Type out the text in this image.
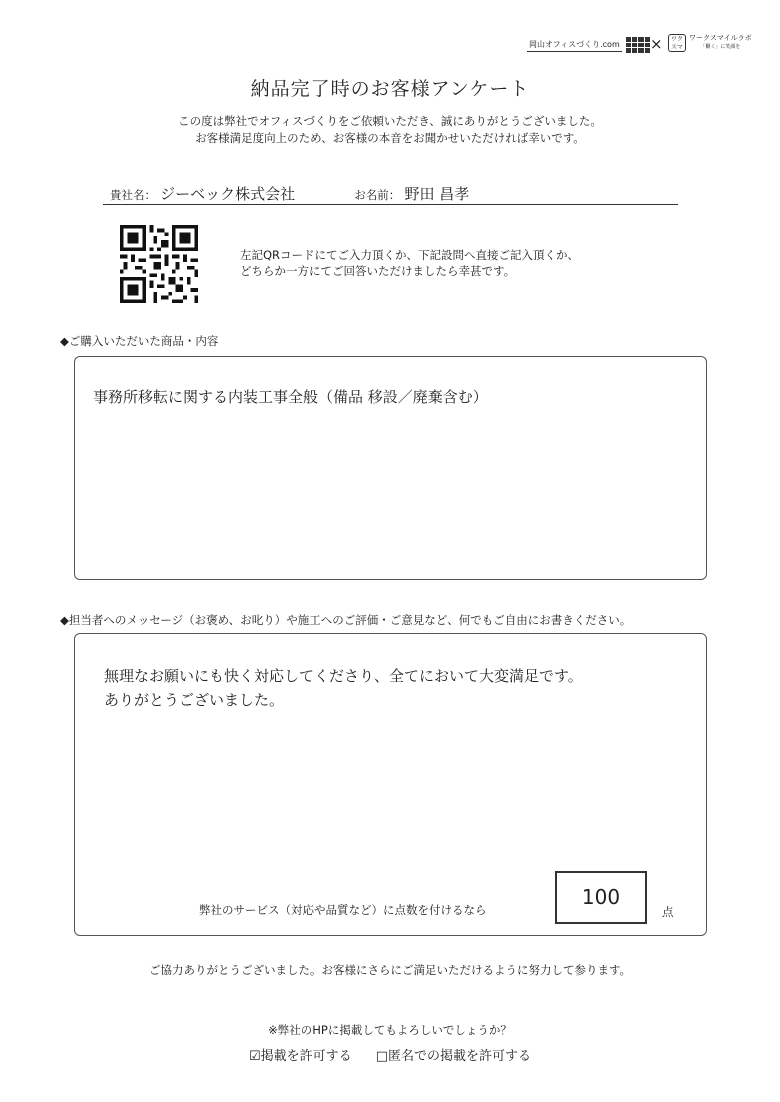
岡山オフィスづくり.com ×	ワク スマ
ワークスマイルラボ
「働く」に笑顔を
納品完了時のお客様アンケート
この度は弊社でオフィスづくりをご依頼いただき、誠にありがとうございました。
お客様満足度向上のため、お客様の本音をお聞かせいただければ幸いです。
貴社名： ジーベック株式会社	お名前： 野田 昌孝
左記QRコードにてご入力頂くか、下記設問へ直接ご記入頂くか、
どちらか一方にてご回答いただけましたら幸甚です。
◆ご購入いただいた商品・内容
事務所移転に関する内装工事全般（備品 移設／廃棄含む）
◆担当者へのメッセージ（お褒め、お叱り）や施工へのご評価・ご意見など、何でもご自由にお書きください。
無理なお願いにも快く対応してくださり、全てにおいて大変満足です。
ありがとうございました。
弊社のサービス（対応や品質など）に点数を付けるなら
100
点
ご協力ありがとうございました。お客様にさらにご満足いただけるように努力して参ります。
※弊社のHPに掲載してもよろしいでしょうか？
☑掲載を許可する □匿名での掲載を許可する
